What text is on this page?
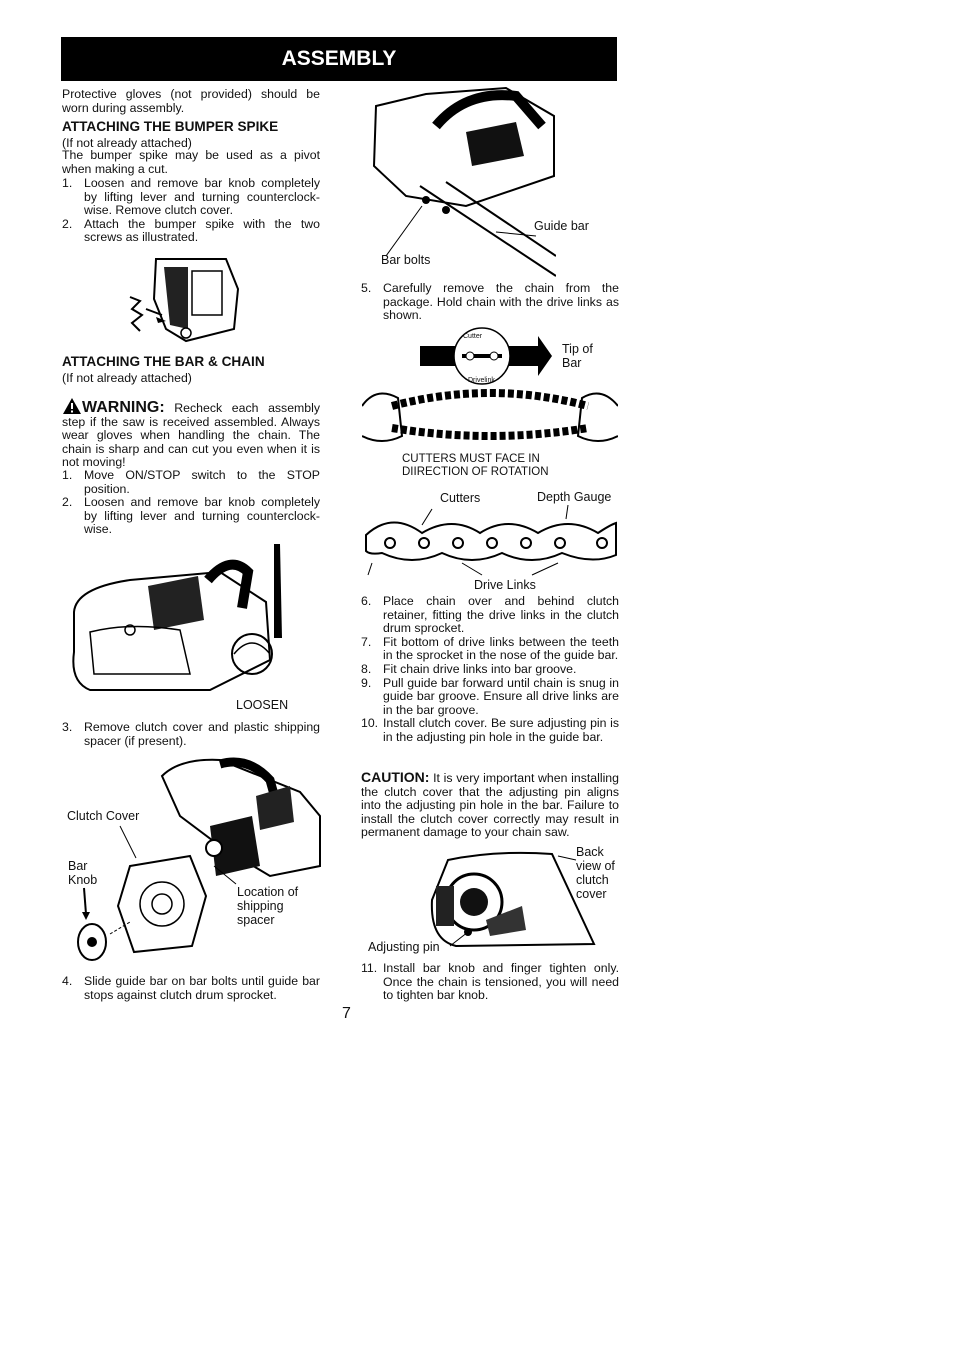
ASSEMBLY
Protective gloves (not provided) should be worn during assembly.
ATTACHING THE BUMPER SPIKE
(If not already attached)
The bumper spike may be used as a pivot when making a cut.
1. Loosen and remove bar knob completely by lifting lever and turning counterclock-wise. Remove clutch cover.
2. Attach the bumper spike with the two screws as illustrated.
ATTACHING THE BAR & CHAIN
(If not already attached)
WARNING: Recheck each assembly step if the saw is received assembled. Always wear gloves when handling the chain. The chain is sharp and can cut you even when it is not moving!
1. Move ON/STOP switch to the STOP position.
2. Loosen and remove bar knob completely by lifting lever and turning counterclock-wise.
LOOSEN
3. Remove clutch cover and plastic shipping spacer (if present).
Clutch Cover
Bar Knob
Location of shipping spacer
4. Slide guide bar on bar bolts until guide bar stops against clutch drum sprocket.
Guide bar
Bar bolts
5. Carefully remove the chain from the package. Hold chain with the drive links as shown.
Cutter
Drivelink
Tip of Bar
CUTTERS MUST FACE IN DIIRECTION OF ROTATION
Cutters	Depth Gauge
Drive Links
6. Place chain over and behind clutch retainer, fitting the drive links in the clutch drum sprocket.
7. Fit bottom of drive links between the teeth in the sprocket in the nose of the guide bar.
8. Fit chain drive links into bar groove.
9. Pull guide bar forward until chain is snug in guide bar groove. Ensure all drive links are in the bar groove.
10. Install clutch cover. Be sure adjusting pin is in the adjusting pin hole in the guide bar.
CAUTION: It is very important when installing the clutch cover that the adjusting pin aligns into the adjusting pin hole in the bar. Failure to install the clutch cover correctly may result in permanent damage to your chain saw.
Back view of clutch cover
Adjusting pin
11. Install bar knob and finger tighten only. Once the chain is tensioned, you will need to tighten bar knob.
7
